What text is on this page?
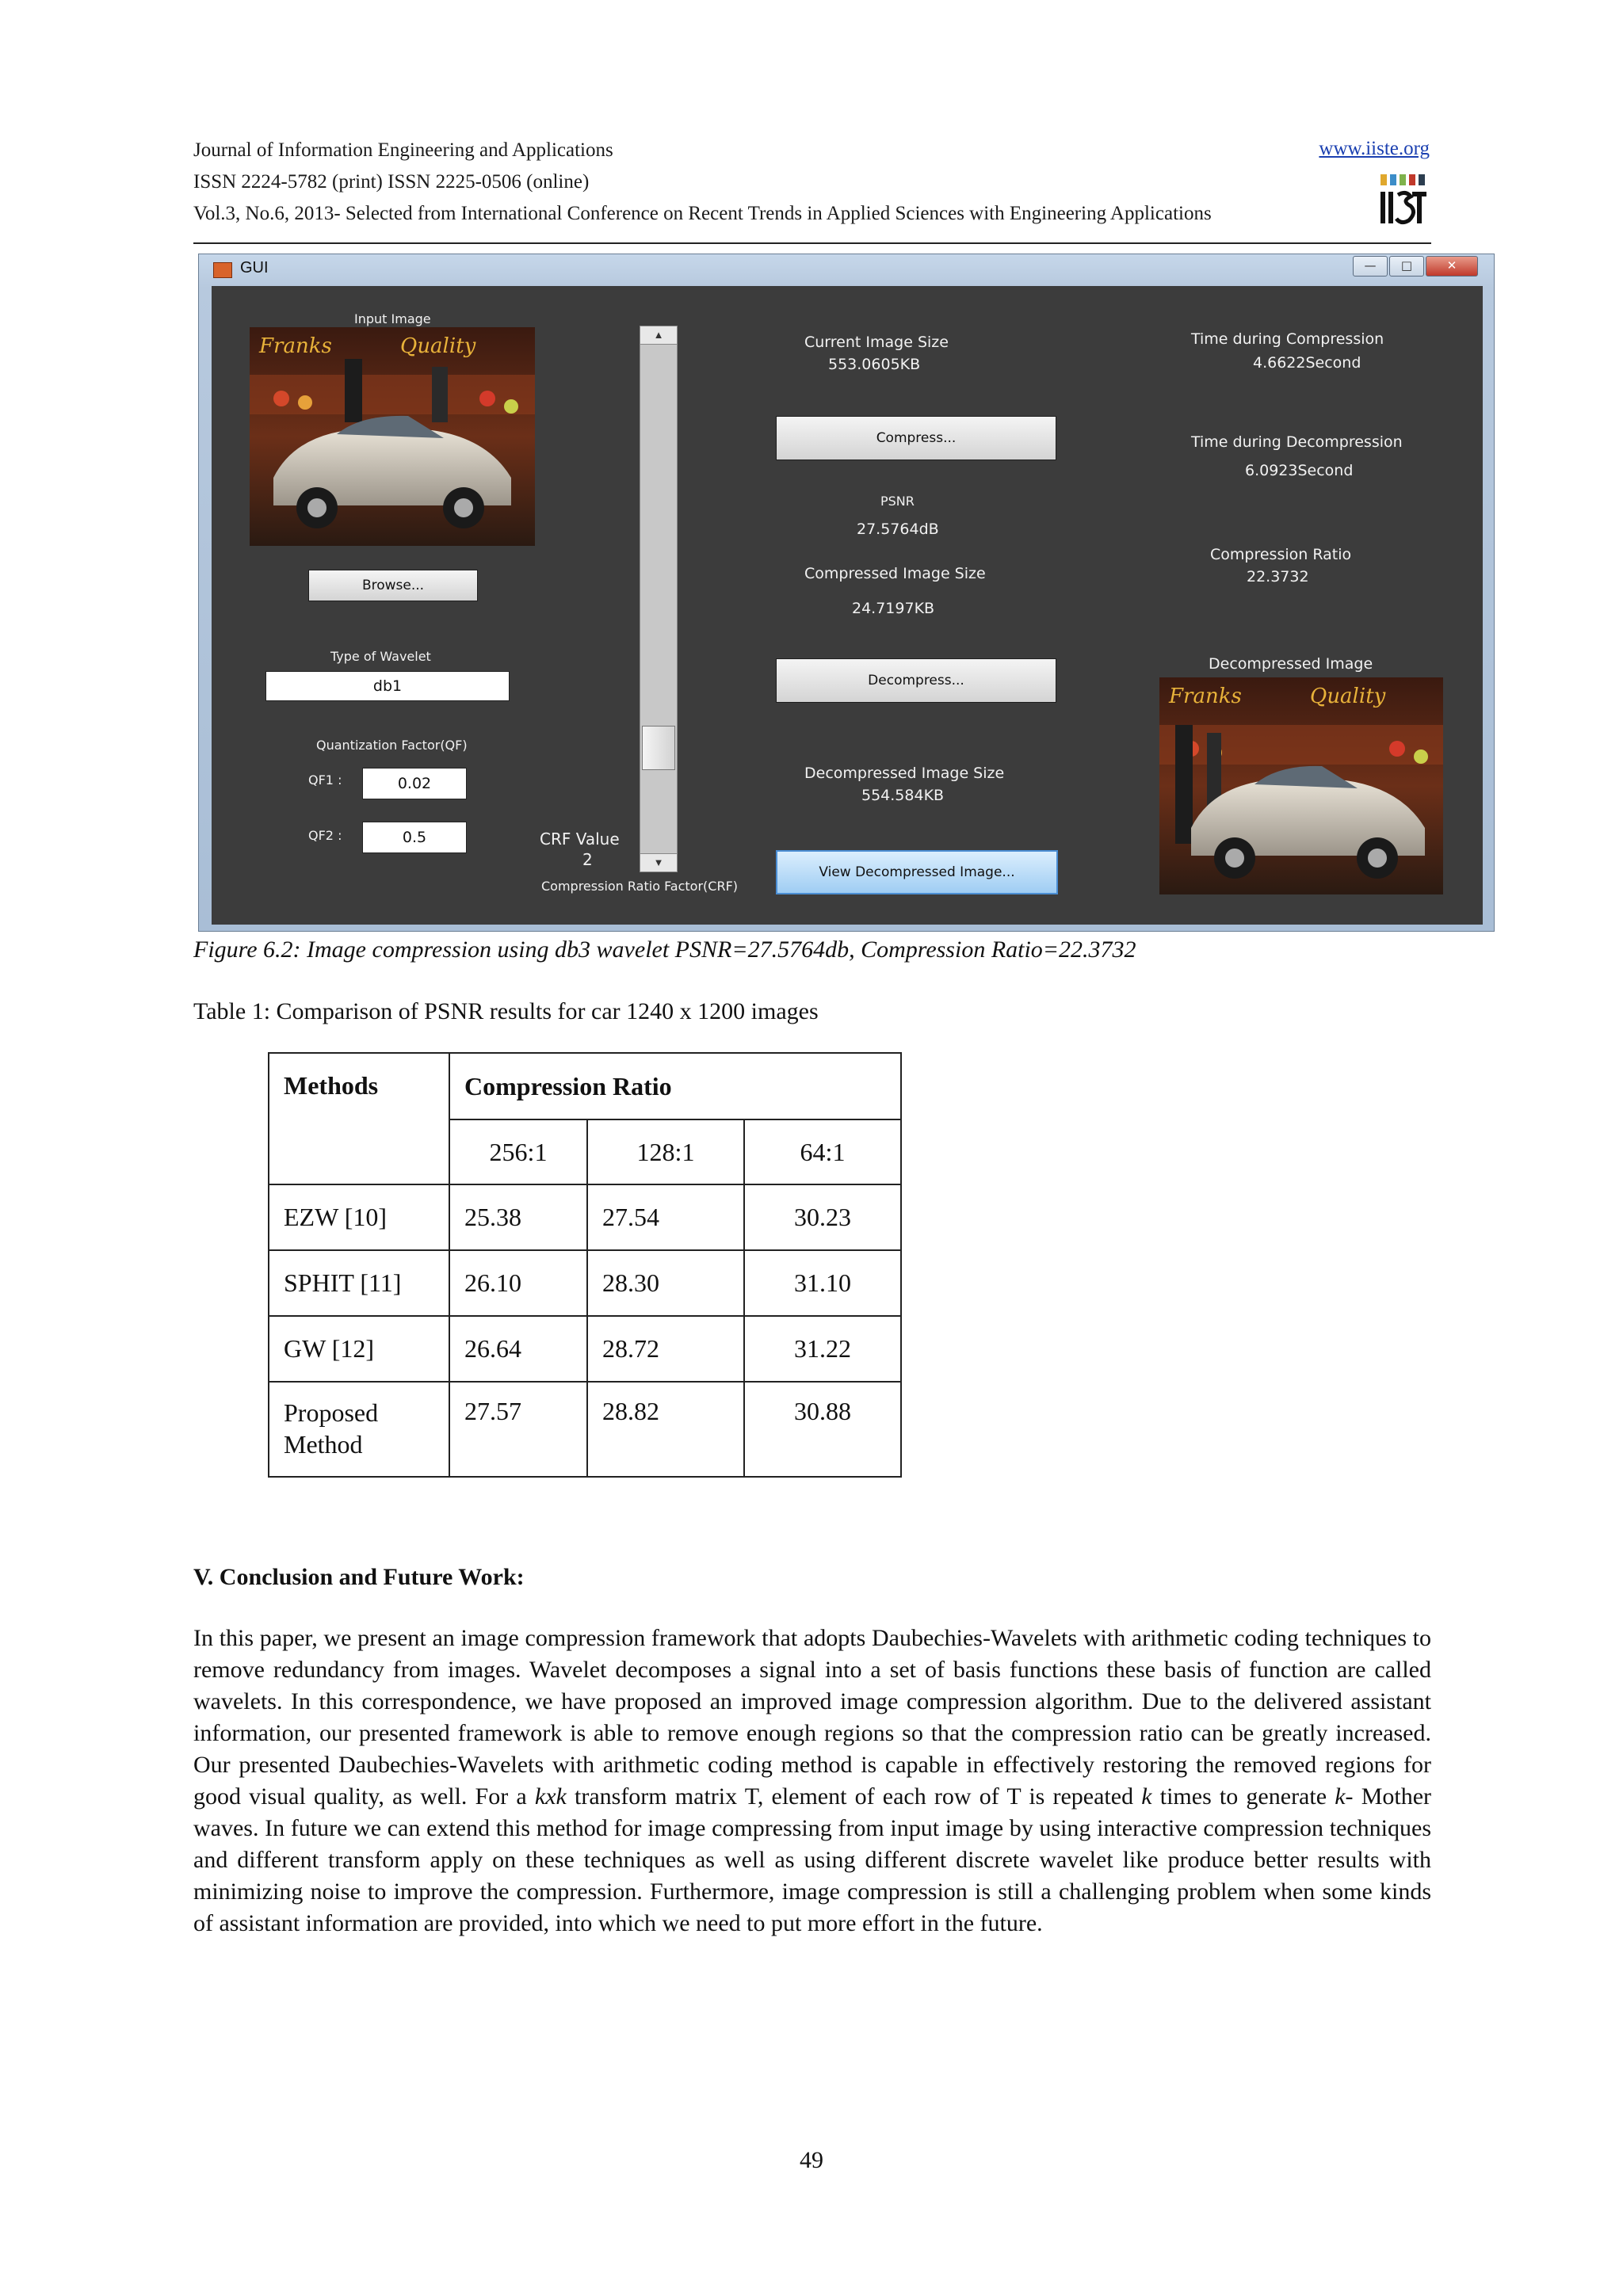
Journal of Information Engineering and Applications
ISSN 2224-5782 (print) ISSN 2225-0506 (online)
Vol.3, No.6, 2013- Selected from International Conference on Recent Trends in Applied Sciences with Engineering Applications
www.iiste.org
GUI	—	□	✕
Input Image
Franks	Quality
Browse...
Type of Wavelet
db1
Quantization Factor(QF)
QF1 :	0.02
QF2 :	0.5
▲
▼
CRF Value
2
Compression Ratio Factor(CRF)
Current Image Size
553.0605KB
Compress...
PSNR
27.5764dB
Compressed Image Size
24.7197KB
Decompress...
Decompressed Image Size
554.584KB
View Decompressed Image...
Time during Compression
4.6622Second
Time during Decompression
6.0923Second
Compression Ratio
22.3732
Decompressed Image
Franks	Quality
Figure 6.2: Image compression using db3 wavelet PSNR=27.5764db, Compression Ratio=22.3732
Table 1: Comparison of PSNR results for car 1240 x 1200 images
Methods	Compression Ratio		
	256:1	128:1	64:1
EZW [10]	25.38	27.54	30.23
SPHIT [11]	26.10	28.30	31.10
GW [12]	26.64	28.72	31.22
Proposed Method	27.57	28.82	30.88
V. Conclusion and Future Work:
In this paper, we present an image compression framework that adopts Daubechies-Wavelets with arithmetic coding techniques to remove redundancy from images. Wavelet decomposes a signal into a set of basis functions these basis of function are called wavelets. In this correspondence, we have proposed an improved image compression algorithm. Due to the delivered assistant information, our presented framework is able to remove enough regions so that the compression ratio can be greatly increased. Our presented Daubechies-Wavelets with arithmetic coding method is capable in effectively restoring the removed regions for good visual quality, as well. For a kxk transform matrix T, element of each row of T is repeated k times to generate k- Mother waves. In future we can extend this method for image compressing from input image by using interactive compression techniques and different transform apply on these techniques as well as using different discrete wavelet like produce better results with minimizing noise to improve the compression. Furthermore, image compression is still a challenging problem when some kinds of assistant information are provided, into which we need to put more effort in the future.
49
